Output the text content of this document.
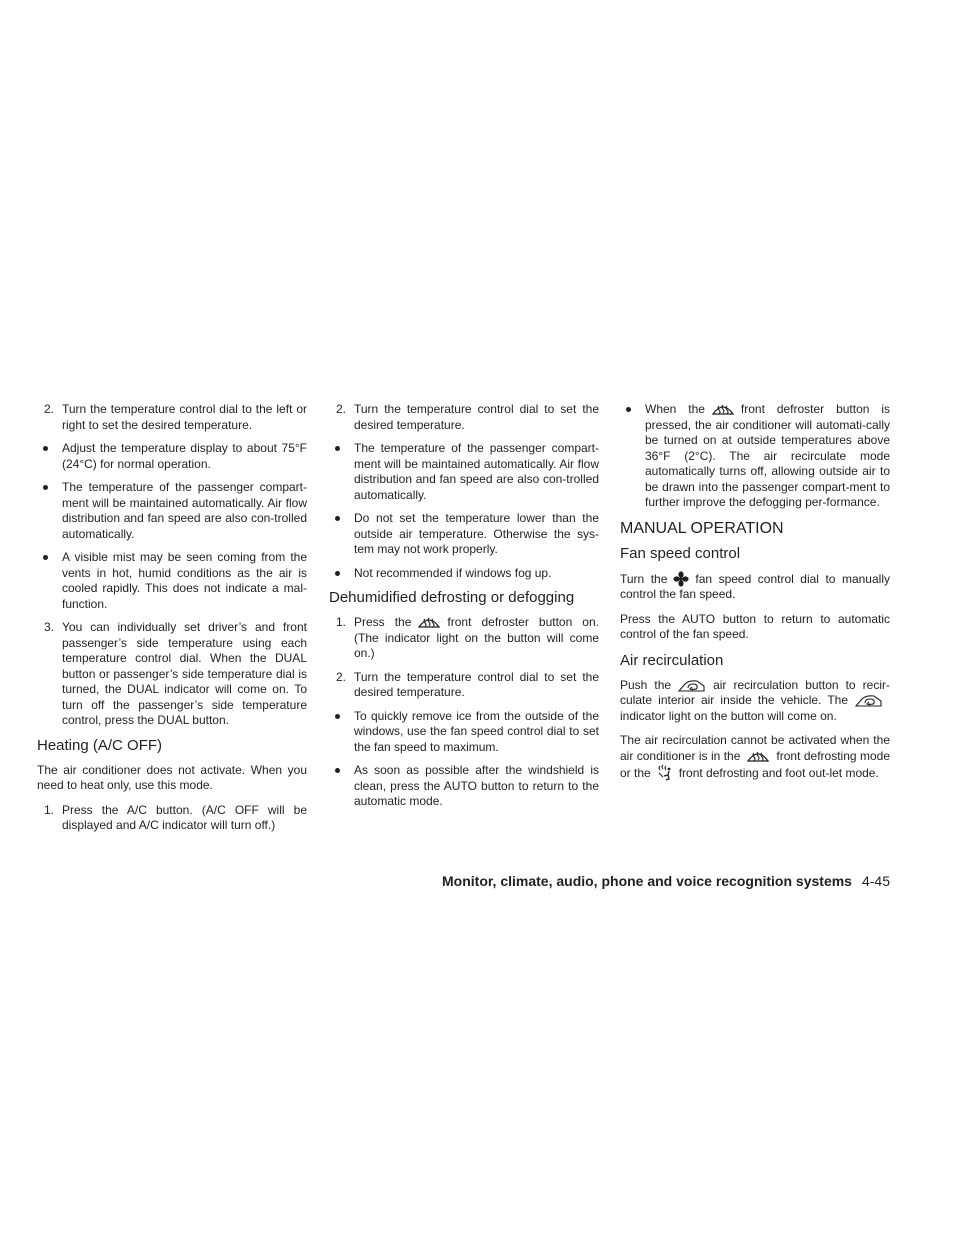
2. Turn the temperature control dial to the left or right to set the desired temperature.
Adjust the temperature display to about 75°F (24°C) for normal operation.
The temperature of the passenger compart-ment will be maintained automatically. Air flow distribution and fan speed are also con-trolled automatically.
A visible mist may be seen coming from the vents in hot, humid conditions as the air is cooled rapidly. This does not indicate a mal-function.
3. You can individually set driver’s and front passenger’s side temperature using each temperature control dial. When the DUAL button or passenger’s side temperature dial is turned, the DUAL indicator will come on. To turn off the passenger’s side temperature control, press the DUAL button.
Heating (A/C OFF)

The air conditioner does not activate. When you need to heat only, use this mode.

1. Press the A/C button. (A/C OFF will be displayed and A/C indicator will turn off.)
2. Turn the temperature control dial to set the desired temperature.
The temperature of the passenger compart-ment will be maintained automatically. Air flow distribution and fan speed are also con-trolled automatically.
Do not set the temperature lower than the outside air temperature. Otherwise the sys-tem may not work properly.
Not recommended if windows fog up.
Dehumidified defrosting or defogging
1. Press the	front defroster button on. (The indicator light on the button will come on.)
2. Turn the temperature control dial to set the desired temperature.
To quickly remove ice from the outside of the windows, use the fan speed control dial to set the fan speed to maximum.
As soon as possible after the windshield is clean, press the AUTO button to return to the automatic mode.
When the	front defroster button is pressed, the air conditioner will automati-cally be turned on at outside temperatures above 36°F (2°C). The air recirculate mode automatically turns off, allowing outside air to be drawn into the passenger compart-ment to further improve the defogging per-formance.
MANUAL OPERATION
Fan speed control

Turn the fan speed control dial to manually control the fan speed.

Press the AUTO button to return to automatic control of the fan speed.

Air recirculation

Push the	air recirculation button to recir-culate interior air inside the vehicle. The
indicator light on the button will come on.

The air recirculation cannot be activated when the air conditioner is in the	front defrosting mode or the front defrosting and foot out-let mode.

Monitor, climate, audio, phone and voice recognition systems 4-45
